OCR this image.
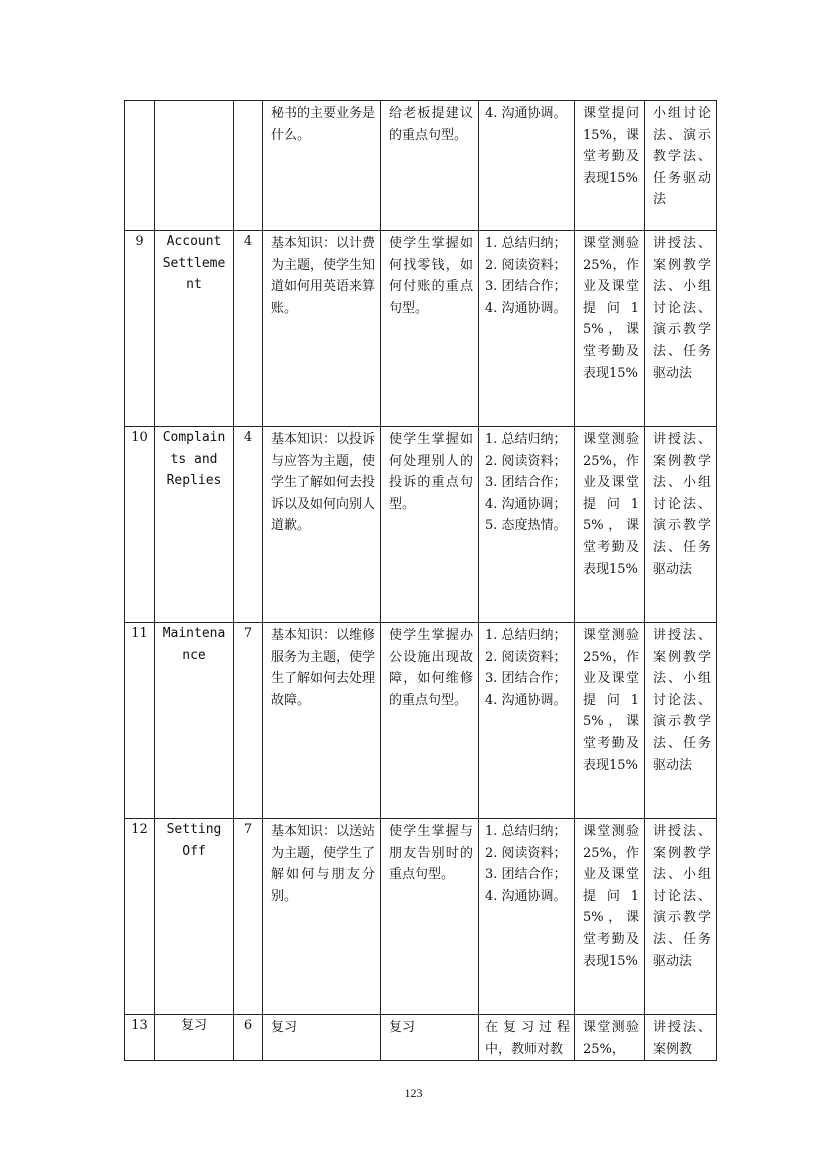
			秘书的主要业务是什么。	给老板提建议的重点句型。	4. 沟通协调。	课堂提问15%，课堂考勤及表现15%	小组讨论法、演示教学法、任务驱动法

9	Account
Settleme
nt	4	基本知识：以计费为主题，使学生知道如何用英语来算账。	使学生掌握如何找零钱，如何付账的重点句型。	1. 总结归纳；
2. 阅读资料；
3. 团结合作；
4. 沟通协调。	课堂测验25%，作业及课堂提问15%，课堂考勤及表现15%	讲授法、案例教学法、小组讨论法、演示教学法、任务驱动法

10	Complain
ts and
Replies	4	基本知识：以投诉与应答为主题，使学生了解如何去投诉以及如何向别人道歉。	使学生掌握如何处理别人的投诉的重点句型。	1. 总结归纳；
2. 阅读资料；
3. 团结合作；
4. 沟通协调；
5. 态度热情。	课堂测验25%，作业及课堂提问15%，课堂考勤及表现15%	讲授法、案例教学法、小组讨论法、演示教学法、任务驱动法

11	Maintena
nce	7	基本知识：以维修服务为主题，使学生了解如何去处理故障。	使学生掌握办公设施出现故障，如何维修的重点句型。	1. 总结归纳；
2. 阅读资料；
3. 团结合作；
4. 沟通协调。	课堂测验25%，作业及课堂提问15%，课堂考勤及表现15%	讲授法、案例教学法、小组讨论法、演示教学法、任务驱动法

12	Setting
Off	7	基本知识：以送站为主题，使学生了解如何与朋友分别。	使学生掌握与朋友告别时的重点句型。	1. 总结归纳；
2. 阅读资料；
3. 团结合作；
4. 沟通协调。	课堂测验25%，作业及课堂提问15%，课堂考勤及表现15%	讲授法、案例教学法、小组讨论法、演示教学法、任务驱动法

13	复习	6	复习	复习	在复习过程中，教师对教	课堂测验25%，	讲授法、案例教
123
